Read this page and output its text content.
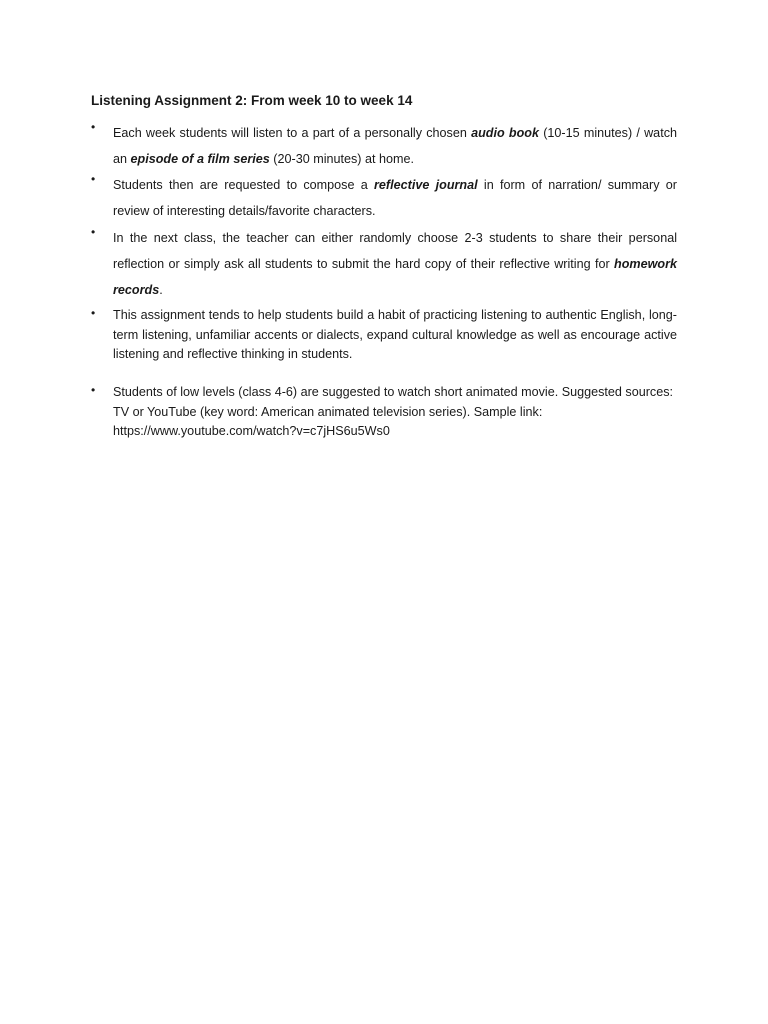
Listening Assignment 2: From week 10 to week 14
•	Each week students will listen to a part of a personally chosen audio book (10-15 minutes) / watch an episode of a film series (20-30 minutes) at home.
•	Students then are requested to compose a reflective journal in form of narration/ summary or review of interesting details/favorite characters.
•	In the next class, the teacher can either randomly choose 2-3 students to share their personal reflection or simply ask all students to submit the hard copy of their reflective writing for homework records.
•	This assignment tends to help students build a habit of practicing listening to authentic English, long-term listening, unfamiliar accents or dialects, expand cultural knowledge as well as encourage active listening and reflective thinking in students.
•	Students of low levels (class 4-6) are suggested to watch short animated movie. Suggested sources: TV or YouTube (key word: American animated television series). Sample link: https://www.youtube.com/watch?v=c7jHS6u5Ws0
